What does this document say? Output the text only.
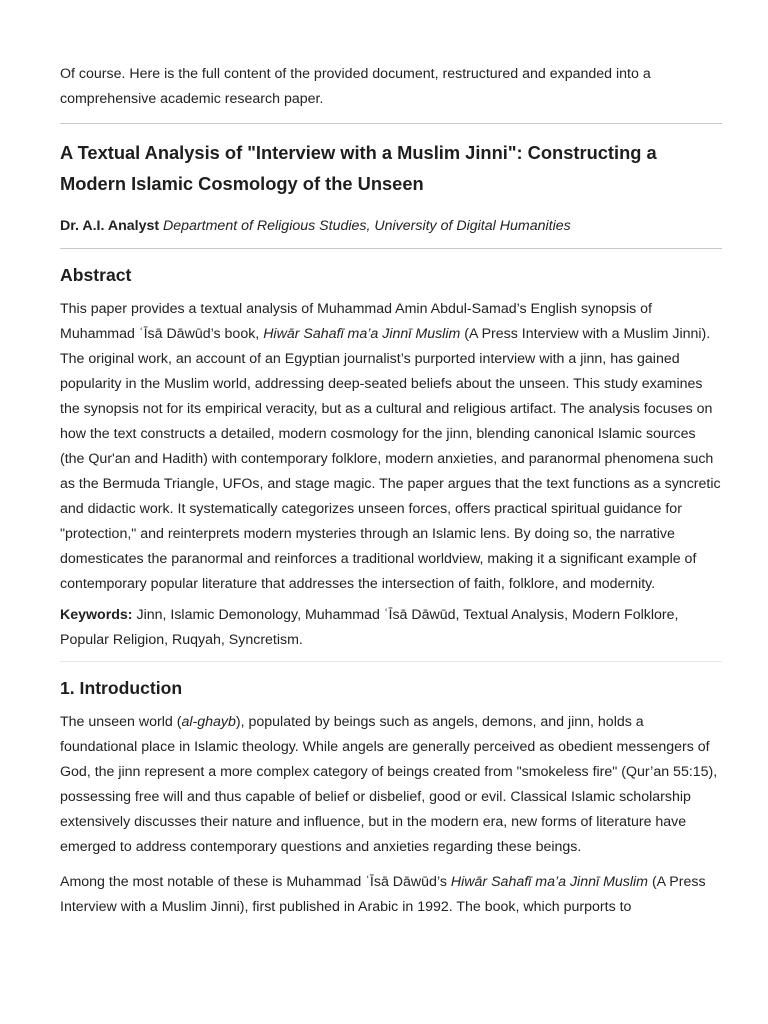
Of course. Here is the full content of the provided document, restructured and expanded into a comprehensive academic research paper.

A Textual Analysis of "Interview with a Muslim Jinni": Constructing a Modern Islamic Cosmology of the Unseen

Dr. A.I. Analyst Department of Religious Studies, University of Digital Humanities

Abstract

This paper provides a textual analysis of Muhammad Amin Abdul-Samad’s English synopsis of Muhammad ʿĪsā Dāwūd’s book, Hiwār Sahafī ma’a Jinnī Muslim (A Press Interview with a Muslim Jinni). The original work, an account of an Egyptian journalist’s purported interview with a jinn, has gained popularity in the Muslim world, addressing deep-seated beliefs about the unseen. This study examines the synopsis not for its empirical veracity, but as a cultural and religious artifact. The analysis focuses on how the text constructs a detailed, modern cosmology for the jinn, blending canonical Islamic sources (the Qur'an and Hadith) with contemporary folklore, modern anxieties, and paranormal phenomena such as the Bermuda Triangle, UFOs, and stage magic. The paper argues that the text functions as a syncretic and didactic work. It systematically categorizes unseen forces, offers practical spiritual guidance for "protection," and reinterprets modern mysteries through an Islamic lens. By doing so, the narrative domesticates the paranormal and reinforces a traditional worldview, making it a significant example of contemporary popular literature that addresses the intersection of faith, folklore, and modernity.

Keywords: Jinn, Islamic Demonology, Muhammad ʿĪsā Dāwūd, Textual Analysis, Modern Folklore, Popular Religion, Ruqyah, Syncretism.

1. Introduction

The unseen world (al-ghayb), populated by beings such as angels, demons, and jinn, holds a foundational place in Islamic theology. While angels are generally perceived as obedient messengers of God, the jinn represent a more complex category of beings created from "smokeless fire" (Qur’an 55:15), possessing free will and thus capable of belief or disbelief, good or evil. Classical Islamic scholarship extensively discusses their nature and influence, but in the modern era, new forms of literature have emerged to address contemporary questions and anxieties regarding these beings.

Among the most notable of these is Muhammad ʿĪsā Dāwūd’s Hiwār Sahafī ma’a Jinnī Muslim (A Press Interview with a Muslim Jinni), first published in Arabic in 1992. The book, which purports to
